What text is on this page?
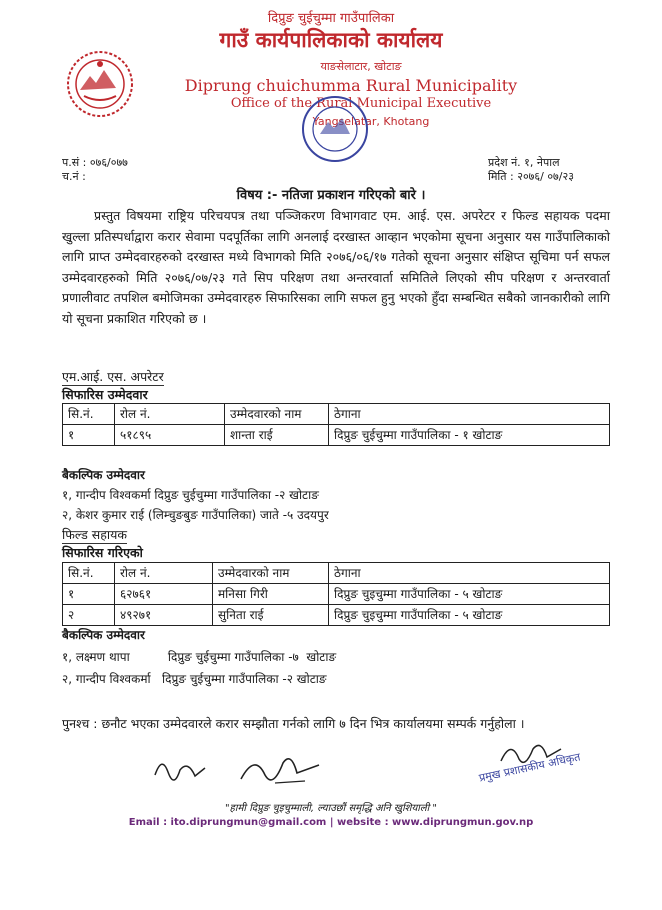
दिप्रुङ चुईचुम्मा गाउँपालिका
गाउँ कार्यपालिकाको कार्यालय
याङसेलाटार, खोटाङ
Diprung chuichumma Rural Municipality
Office of the Rural Municipal Executive
Yangselatar, Khotang
प.सं : ०७६/०७७
च.नं :
प्रदेश नं. १, नेपाल
मिति : २०७६/ ०७/२३
विषय :- नतिजा प्रकाशन गरिएको बारे ।
प्रस्तुत विषयमा राष्ट्रिय परिचयपत्र तथा पञ्जिकरण विभागवाट एम. आई. एस. अपरेटर र फिल्ड सहायक पदमा खुल्ला प्रतिस्पर्धाद्वारा करार सेवामा पदपूर्तिका लागि अनलाई दरखास्त आव्हान भएकोमा सूचना अनुसार यस गाउँपालिकाको लागि प्राप्त उम्मेदवारहरुको दरखास्त मध्ये विभागको मिति २०७६/०६/१७ गतेको सूचना अनुसार संक्षिप्त सूचिमा पर्न सफल उम्मेदवारहरुको मिति २०७६/०७/२३ गते सिप परिक्षण तथा अन्तरवार्ता समितिले लिएको सीप परिक्षण र अन्तरवार्ता प्रणालीवाट तपशिल बमोजिमका उम्मेदवारहरु सिफारिसका लागि सफल हुनु भएको हुँदा सम्बन्धित सबैको जानकारीको लागि यो सूचना प्रकाशित गरिएको छ ।
एम.आई. एस. अपरेटर
सिफारिस उम्मेदवार
सि.नं.	रोल नं.	उम्मेदवारको नाम	ठेगाना
१	५१८९५	शान्ता राई	दिप्रुङ चुईचुम्मा गाउँपालिका - १ खोटाङ
बैकल्पिक उम्मेदवार
१, गान्दीप विश्वकर्मा दिप्रुङ चुईचुम्मा गाउँपालिका -२ खोटाङ
२, केशर कुमार राई (लिम्चुङबुङ गाउँपालिका) जाते -५ उदयपुर
फिल्ड सहायक
सिफारिस गरिएको
सि.नं.	रोल नं.	उम्मेदवारको नाम	ठेगाना
१	६२७६१	मनिसा गिरी	दिप्रुङ चुइचुम्मा गाउँपालिका - ५ खोटाङ
२	४९२७१	सुनिता राई	दिप्रुङ चुइचुम्मा गाउँपालिका - ५ खोटाङ
बैकल्पिक उम्मेदवार
१, लक्ष्मण थापा          दिप्रुङ चुईचुम्मा गाउँपालिका -७  खोटाङ
२, गान्दीप विश्वकर्मा   दिप्रुङ चुईचुम्मा गाउँपालिका -२ खोटाङ
पुनश्च : छनौट भएका उम्मेदवारले करार सम्झौता गर्नको लागि ७ दिन भित्र कार्यालयमा सम्पर्क गर्नुहोला ।
प्रमुख प्रशासकीय अधिकृत
"हामी दिप्रुङ चुइचुम्माली, ल्याउछौं समृद्धि अनि खुशियाली "
Email : ito.diprungmun@gmail.com | website : www.diprungmun.gov.np
